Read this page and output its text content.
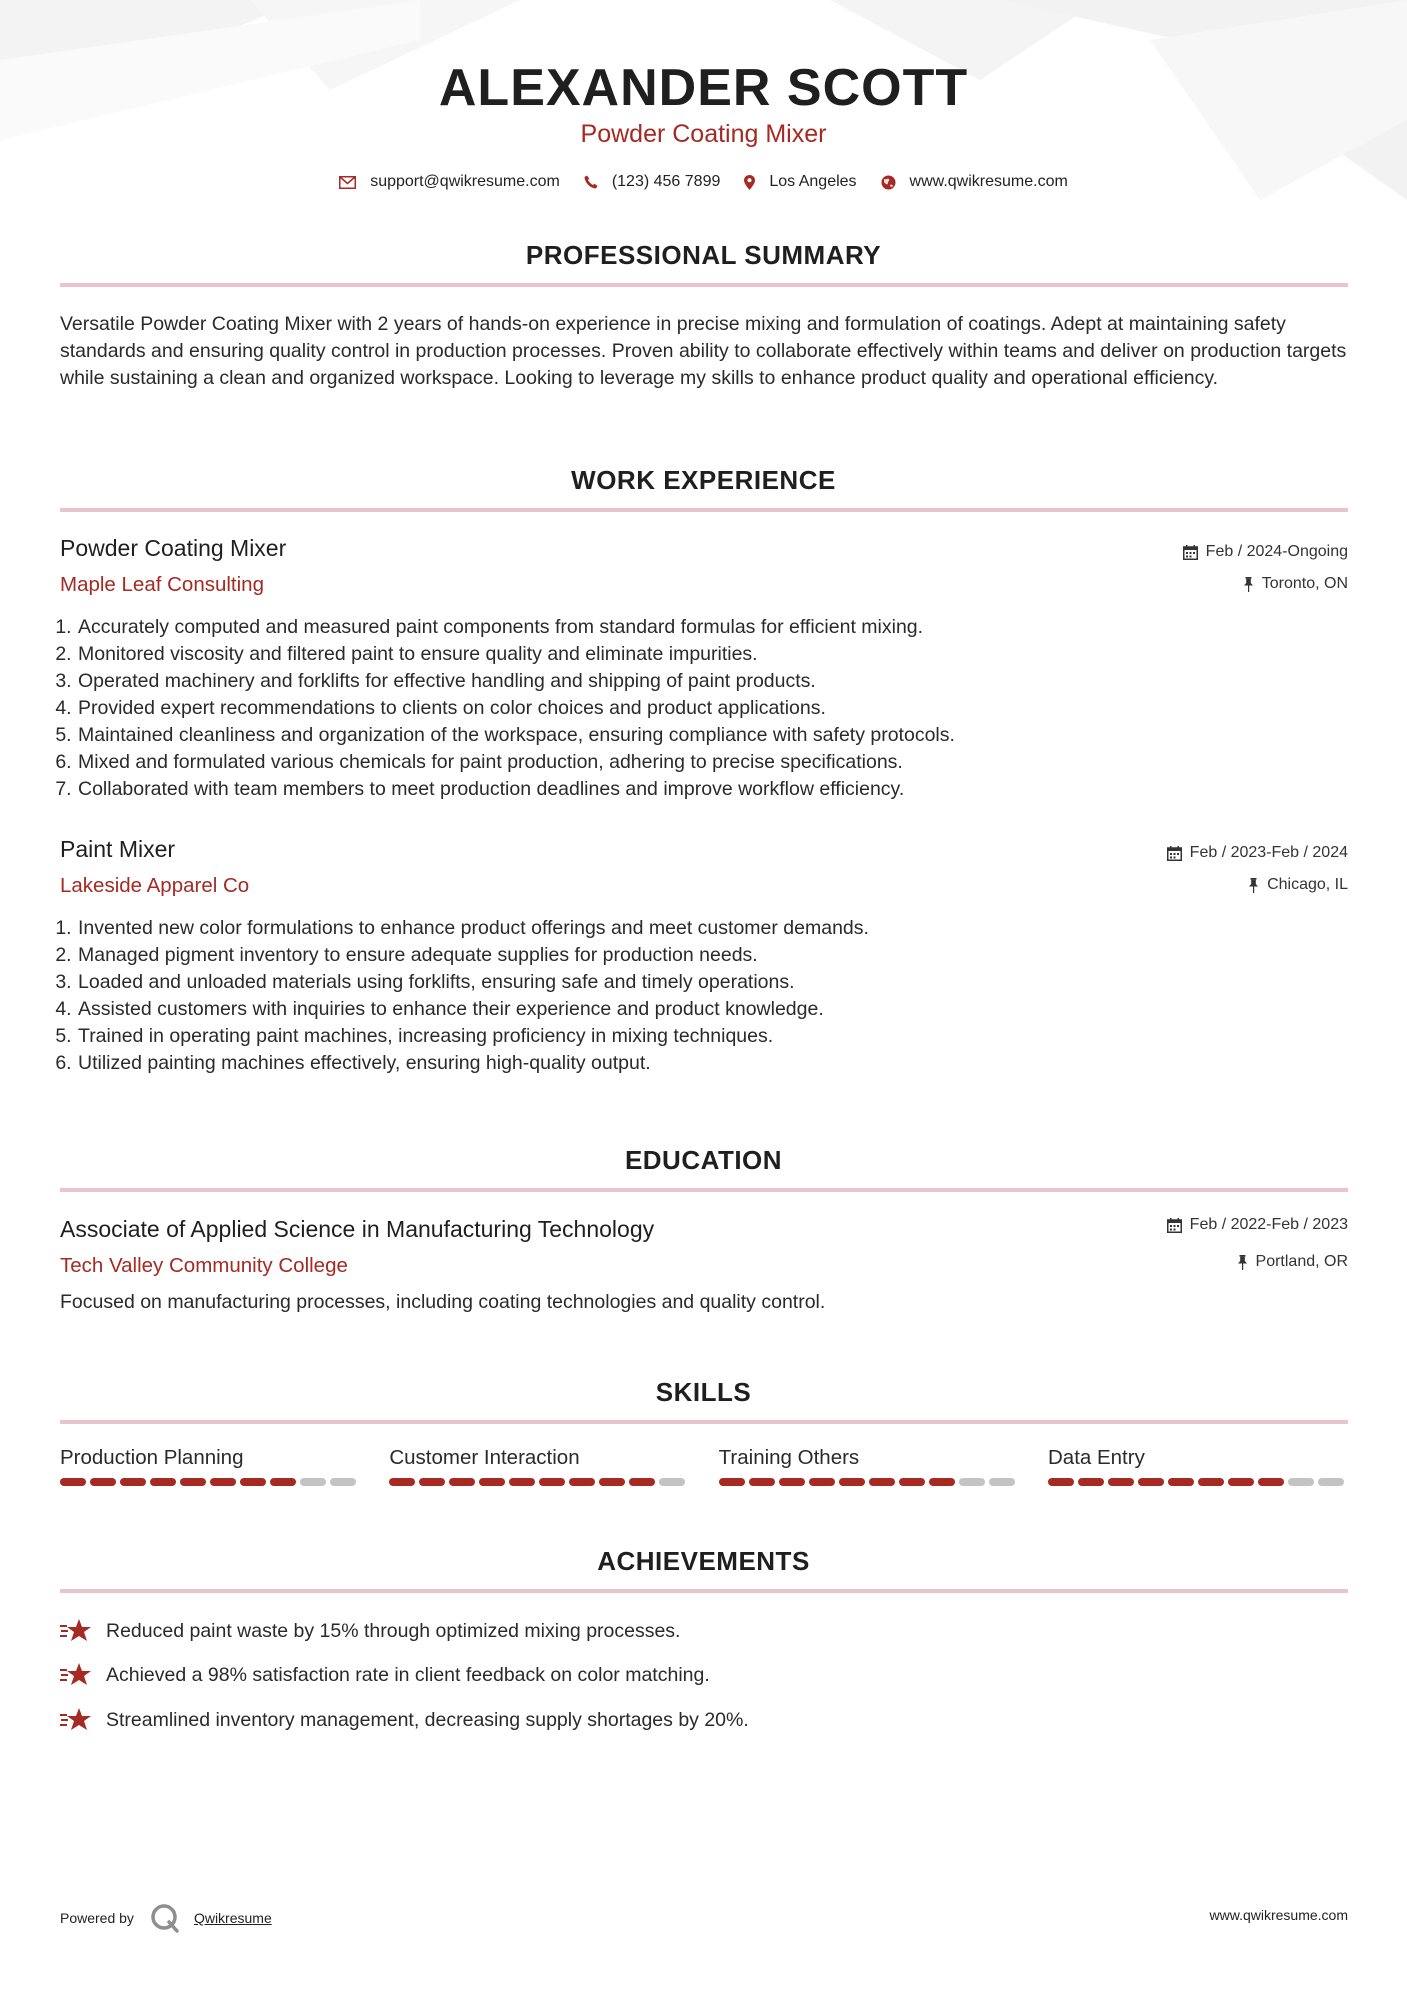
ALEXANDER SCOTT
Powder Coating Mixer
support@qwikresume.com	(123) 456 7899	Los Angeles	www.qwikresume.com
PROFESSIONAL SUMMARY
Versatile Powder Coating Mixer with 2 years of hands-on experience in precise mixing and formulation of coatings. Adept at maintaining safety standards and ensuring quality control in production processes. Proven ability to collaborate effectively within teams and deliver on production targets while sustaining a clean and organized workspace. Looking to leverage my skills to enhance product quality and operational efficiency.
WORK EXPERIENCE
Powder Coating Mixer
Maple Leaf Consulting
Feb / 2024-Ongoing
Toronto, ON
1. Accurately computed and measured paint components from standard formulas for efficient mixing.
2. Monitored viscosity and filtered paint to ensure quality and eliminate impurities.
3. Operated machinery and forklifts for effective handling and shipping of paint products.
4. Provided expert recommendations to clients on color choices and product applications.
5. Maintained cleanliness and organization of the workspace, ensuring compliance with safety protocols.
6. Mixed and formulated various chemicals for paint production, adhering to precise specifications.
7. Collaborated with team members to meet production deadlines and improve workflow efficiency.
Paint Mixer
Lakeside Apparel Co
Feb / 2023-Feb / 2024
Chicago, IL
1. Invented new color formulations to enhance product offerings and meet customer demands.
2. Managed pigment inventory to ensure adequate supplies for production needs.
3. Loaded and unloaded materials using forklifts, ensuring safe and timely operations.
4. Assisted customers with inquiries to enhance their experience and product knowledge.
5. Trained in operating paint machines, increasing proficiency in mixing techniques.
6. Utilized painting machines effectively, ensuring high-quality output.
EDUCATION
Associate of Applied Science in Manufacturing Technology
Tech Valley Community College
Feb / 2022-Feb / 2023
Portland, OR
Focused on manufacturing processes, including coating technologies and quality control.
SKILLS
Production Planning	Customer Interaction	Training Others	Data Entry
ACHIEVEMENTS
Reduced paint waste by 15% through optimized mixing processes.
Achieved a 98% satisfaction rate in client feedback on color matching.
Streamlined inventory management, decreasing supply shortages by 20%.
Powered by	Qwikresume	www.qwikresume.com
